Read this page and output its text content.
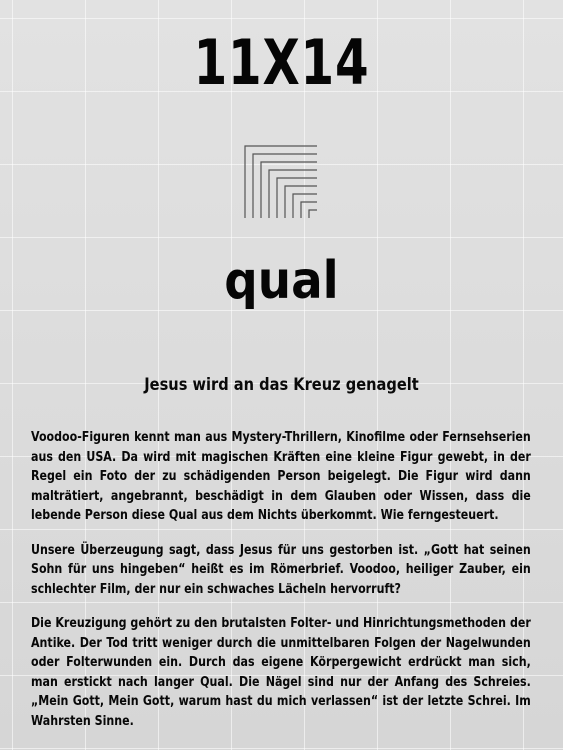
11X14
qual
Jesus wird an das Kreuz genagelt

Voodoo-Figuren kennt man aus Mystery-Thrillern, Kinofilme oder Fernsehserien aus den USA. Da wird mit magischen Kräften eine kleine Figur gewebt, in der Regel ein Foto der zu schädigenden Person beigelegt. Die Figur wird dann malträtiert, angebrannt, beschädigt in dem Glauben oder Wissen, dass die lebende Person diese Qual aus dem Nichts überkommt. Wie ferngesteuert.

Unsere Überzeugung sagt, dass Jesus für uns gestorben ist. „Gott hat seinen Sohn für uns hingeben“ heißt es im Römerbrief. Voodoo, heiliger Zauber, ein schlechter Film, der nur ein schwaches Lächeln hervorruft?

Die Kreuzigung gehört zu den brutalsten Folter- und Hinrichtungsmethoden der Antike. Der Tod tritt weniger durch die unmittelbaren Folgen der Nagelwunden oder Folterwunden ein. Durch das eigene Körpergewicht erdrückt man sich, man erstickt nach langer Qual. Die Nägel sind nur der Anfang des Schreies. „Mein Gott, Mein Gott, warum hast du mich verlassen“ ist der letzte Schrei. Im Wahrsten Sinne.
